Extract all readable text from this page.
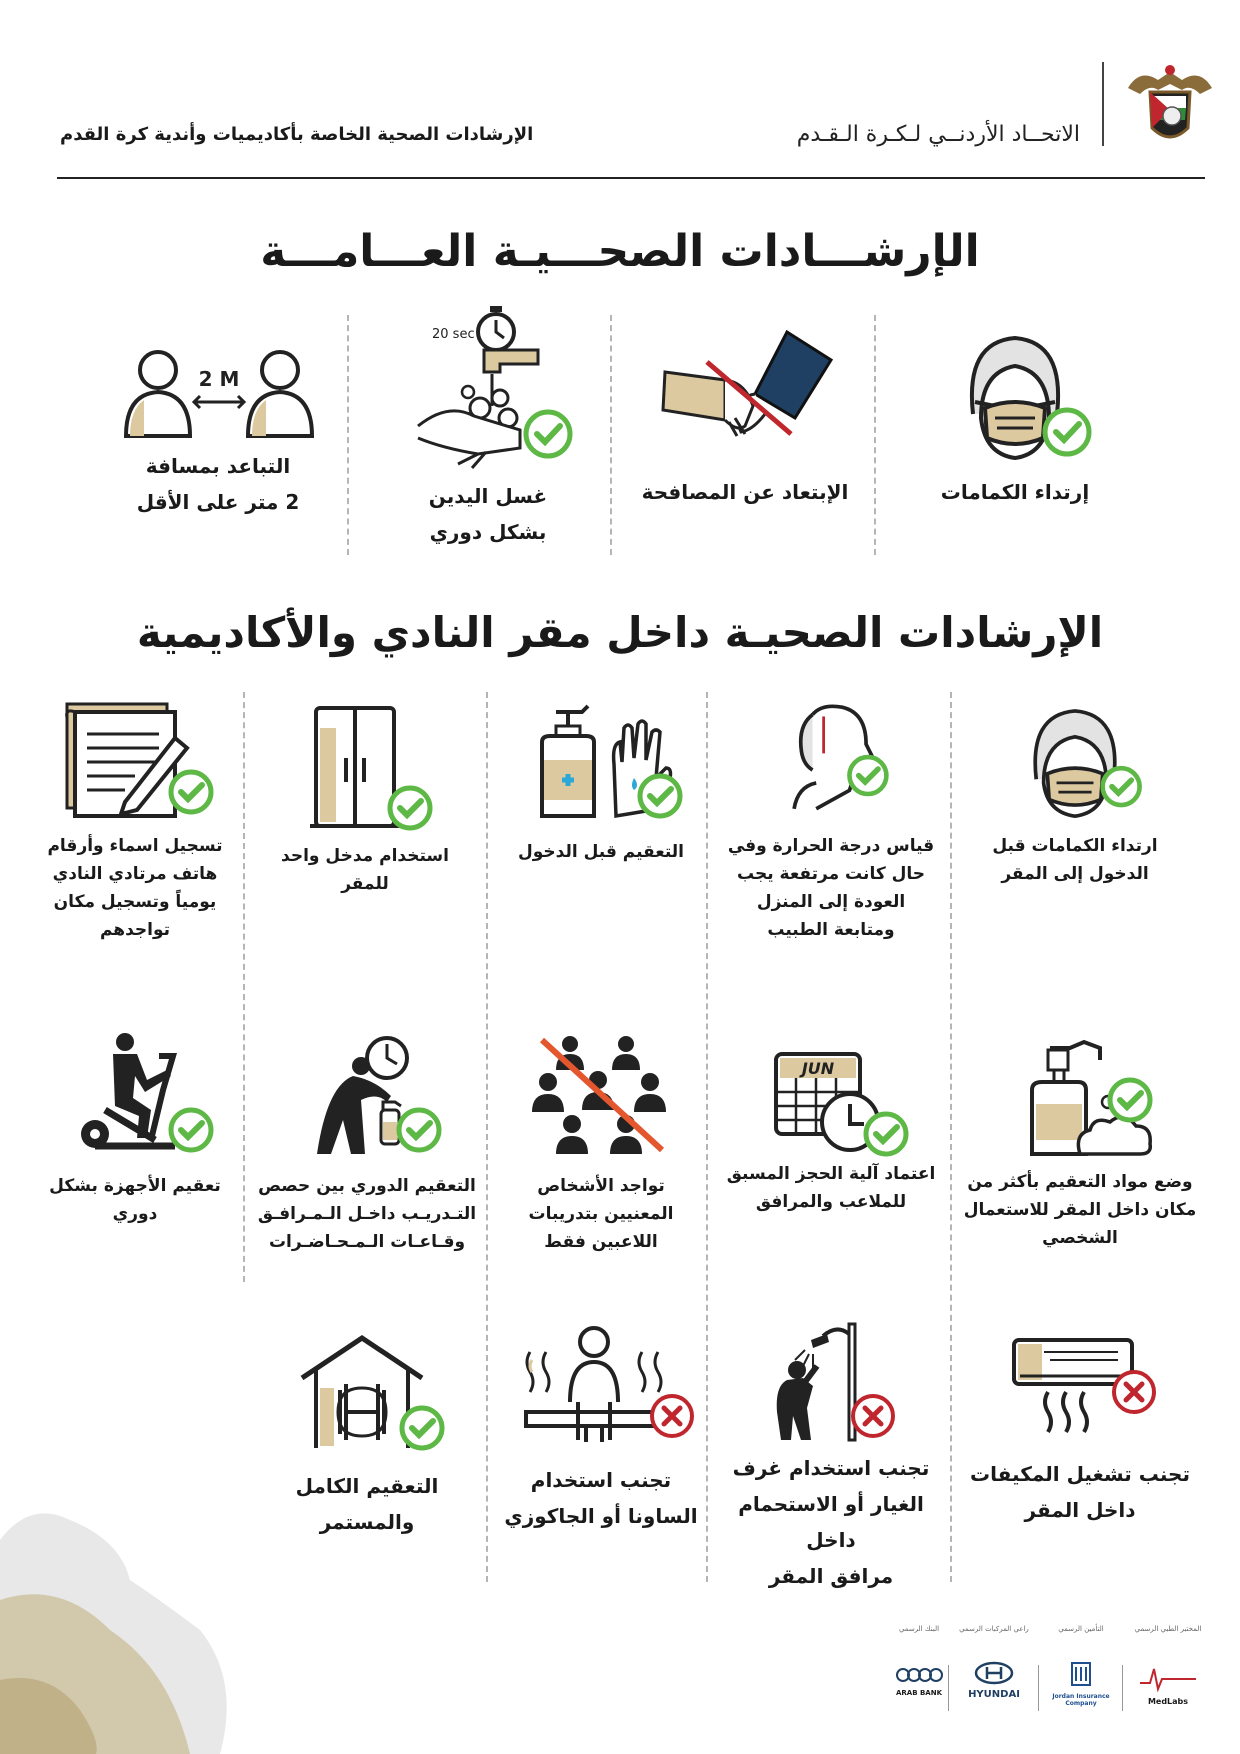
الاتحــاد الأردنــي لـكـرة الـقـدم
الإرشادات الصحية الخاصة بأكاديميات وأندية كرة القدم
الإرشـــادات الصحـــيـة العـــامـــة
إرتداء الكمامات
الإبتعاد عن المصافحة
20 sec
غسل اليدين
بشكل دوري
2 M
التباعد بمسافة
2 متر على الأقل
الإرشادات الصحيـة داخل مقر النادي والأكاديمية
ارتداء الكمامات قبل
الدخول إلى المقر
قياس درجة الحرارة وفي
حال كانت مرتفعة يجب
العودة إلى المنزل
ومتابعة الطبيب
التعقيم قبل الدخول
استخدام مدخل واحد
للمقر
تسجيل اسماء وأرقام
هاتف مرتادي النادي
يومياً وتسجيل مكان
تواجدهم
وضع مواد التعقيم بأكثر من
مكان داخل المقر للاستعمال
الشخصي
JUN
اعتماد آلية الحجز المسبق
للملاعب والمرافق
تواجد الأشخاص
المعنيين بتدريبات
اللاعبين فقط
التعقيم الدوري بين حصص
التـدريـب داخـل الـمـرافـق
وقـاعـات الـمـحـاضـرات
تعقيم الأجهزة بشكل
دوري
تجنب تشغيل المكيفات
داخل المقر
تجنب استخدام غرف
الغيار أو الاستحمام داخل
مرافق المقر
تجنب استخدام
الساونا أو الجاكوزي
التعقيم الكامل
والمستمر
المختبر الطبي الرسمي
MedLabs
التأمين الرسمي
Jordan Insurance Company
راعي المركبات الرسمي
HYUNDAI
البنك الرسمي
ARAB BANK
